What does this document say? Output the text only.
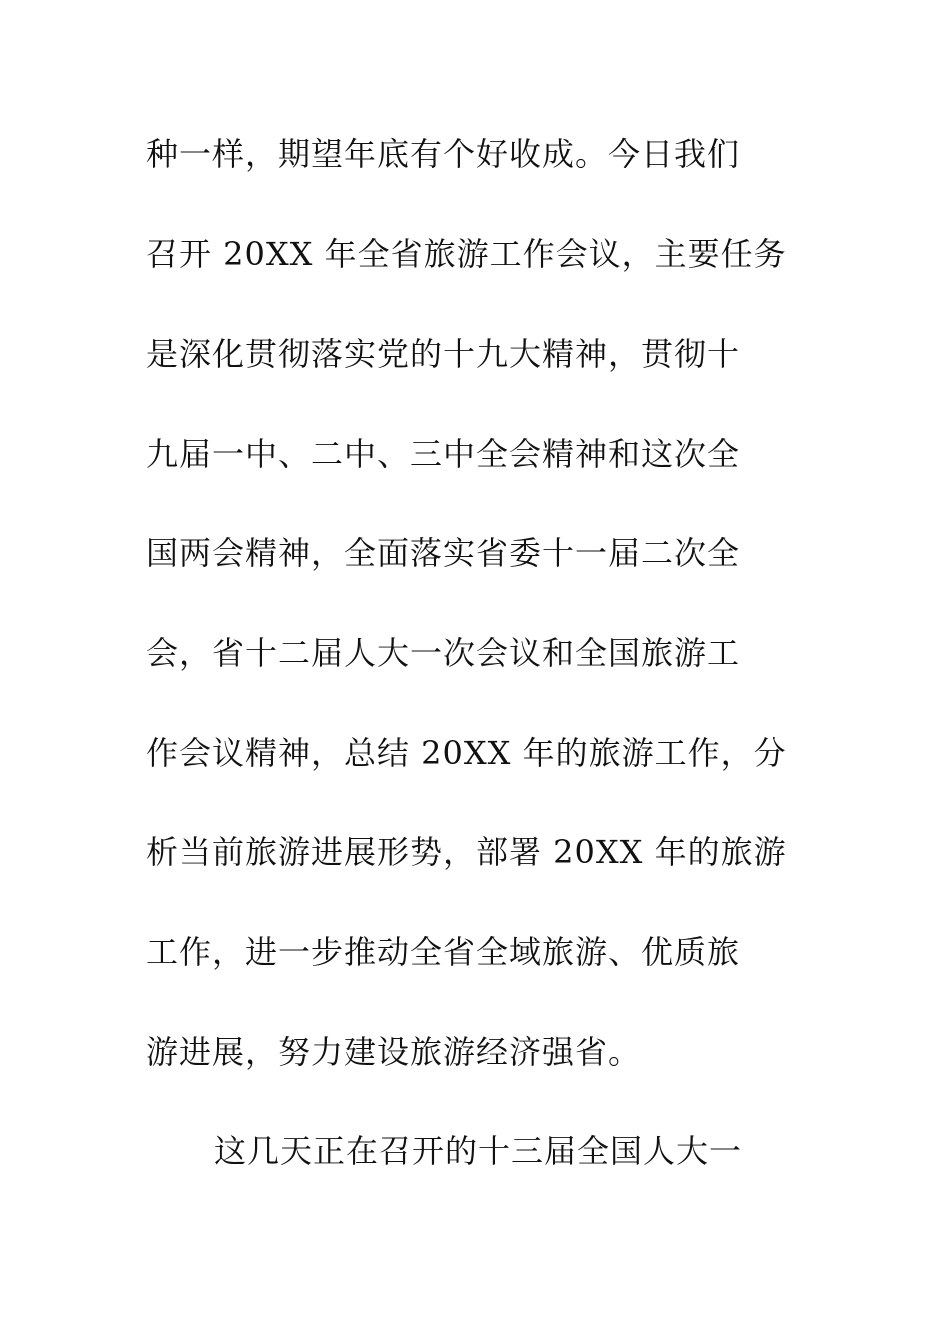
种一样，期望年底有个好收成。今日我们
召开 20XX 年全省旅游工作会议，主要任务
是深化贯彻落实党的十九大精神，贯彻十
九届一中、二中、三中全会精神和这次全
国两会精神，全面落实省委十一届二次全
会，省十二届人大一次会议和全国旅游工
作会议精神，总结 20XX 年的旅游工作，分
析当前旅游进展形势，部署 20XX 年的旅游
工作，进一步推动全省全域旅游、优质旅
游进展，努力建设旅游经济强省。
这几天正在召开的十三届全国人大一
